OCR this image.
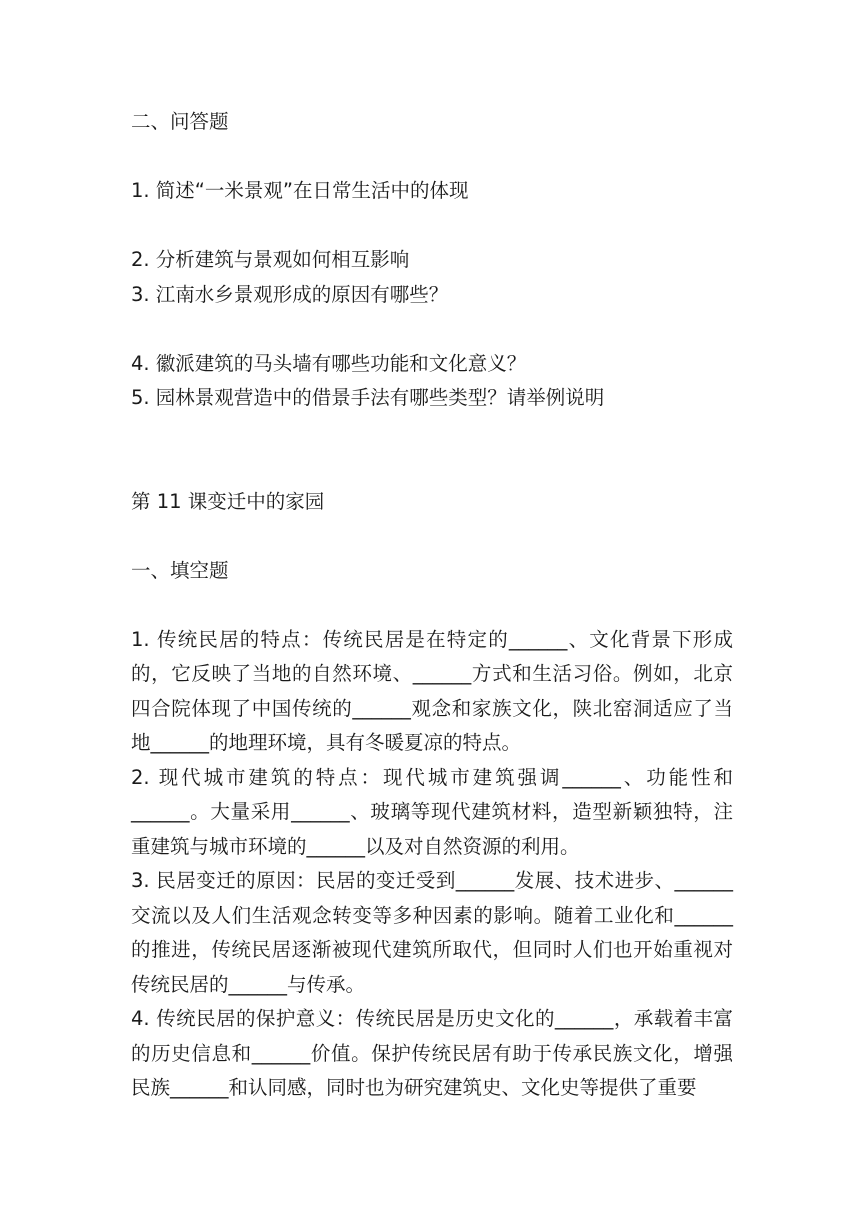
二、问答题
1. 简述“一米景观”在日常生活中的体现
2. 分析建筑与景观如何相互影响
3. 江南水乡景观形成的原因有哪些？
4. 徽派建筑的马头墙有哪些功能和文化意义？
5. 园林景观营造中的借景手法有哪些类型？请举例说明
第 11 课变迁中的家园
一、填空题

1. 传统民居的特点：传统民居是在特定的______、文化背景下形成的，它反映了当地的自然环境、______方式和生活习俗。例如，北京四合院体现了中国传统的______观念和家族文化，陕北窑洞适应了当地______的地理环境，具有冬暖夏凉的特点。

2. 现代城市建筑的特点：现代城市建筑强调______、功能性和______。大量采用______、玻璃等现代建筑材料，造型新颖独特，注重建筑与城市环境的______以及对自然资源的利用。

3. 民居变迁的原因：民居的变迁受到______发展、技术进步、______交流以及人们生活观念转变等多种因素的影响。随着工业化和______的推进，传统民居逐渐被现代建筑所取代，但同时人们也开始重视对传统民居的______与传承。

4. 传统民居的保护意义：传统民居是历史文化的______，承载着丰富的历史信息和______价值。保护传统民居有助于传承民族文化，增强民族______和认同感，同时也为研究建筑史、文化史等提供了重要
